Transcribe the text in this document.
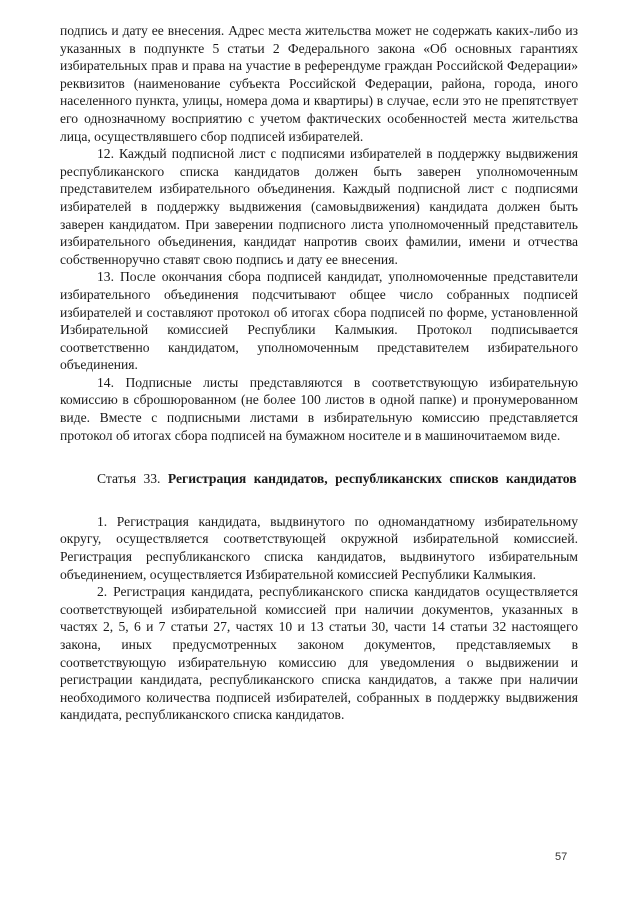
подпись и дату ее внесения. Адрес места жительства может не содержать каких-либо из указанных в подпункте 5 статьи 2 Федерального закона «Об основных гарантиях избирательных прав и права на участие в референдуме граждан Российской Федерации» реквизитов (наименование субъекта Российской Федерации, района, города, иного населенного пункта, улицы, номера дома и квартиры) в случае, если это не препятствует его однозначному восприятию с учетом фактических особенностей места жительства лица, осуществлявшего сбор подписей избирателей.

12. Каждый подписной лист с подписями избирателей в поддержку выдвижения республиканского списка кандидатов должен быть заверен уполномоченным представителем избирательного объединения. Каждый подписной лист с подписями избирателей в поддержку выдвижения (самовыдвижения) кандидата должен быть заверен кандидатом. При заверении подписного листа уполномоченный представитель избирательного объединения, кандидат напротив своих фамилии, имени и отчества собственноручно ставят свою подпись и дату ее внесения.

13. После окончания сбора подписей кандидат, уполномоченные представители избирательного объединения подсчитывают общее число собранных подписей избирателей и составляют протокол об итогах сбора подписей по форме, установленной Избирательной комиссией Республики Калмыкия. Протокол подписывается соответственно кандидатом, уполномоченным представителем избирательного объединения.

14. Подписные листы представляются в соответствующую избирательную комиссию в сброшюрованном (не более 100 листов в одной папке) и пронумерованном виде. Вместе с подписными листами в избирательную комиссию представляется протокол об итогах сбора подписей на бумажном носителе и в машиночитаемом виде.

Статья 33. Регистрация кандидатов, республиканских списков кандидатов

1. Регистрация кандидата, выдвинутого по одномандатному избирательному округу, осуществляется соответствующей окружной избирательной комиссией. Регистрация республиканского списка кандидатов, выдвинутого избирательным объединением, осуществляется Избирательной комиссией Республики Калмыкия.

2. Регистрация кандидата, республиканского списка кандидатов осуществляется соответствующей избирательной комиссией при наличии документов, указанных в частях 2, 5, 6 и 7 статьи 27, частях 10 и 13 статьи 30, части 14 статьи 32 настоящего закона, иных предусмотренных законом документов, представляемых в соответствующую избирательную комиссию для уведомления о выдвижении и регистрации кандидата, республиканского списка кандидатов, а также при наличии необходимого количества подписей избирателей, собранных в поддержку выдвижения кандидата, республиканского списка кандидатов.

57
